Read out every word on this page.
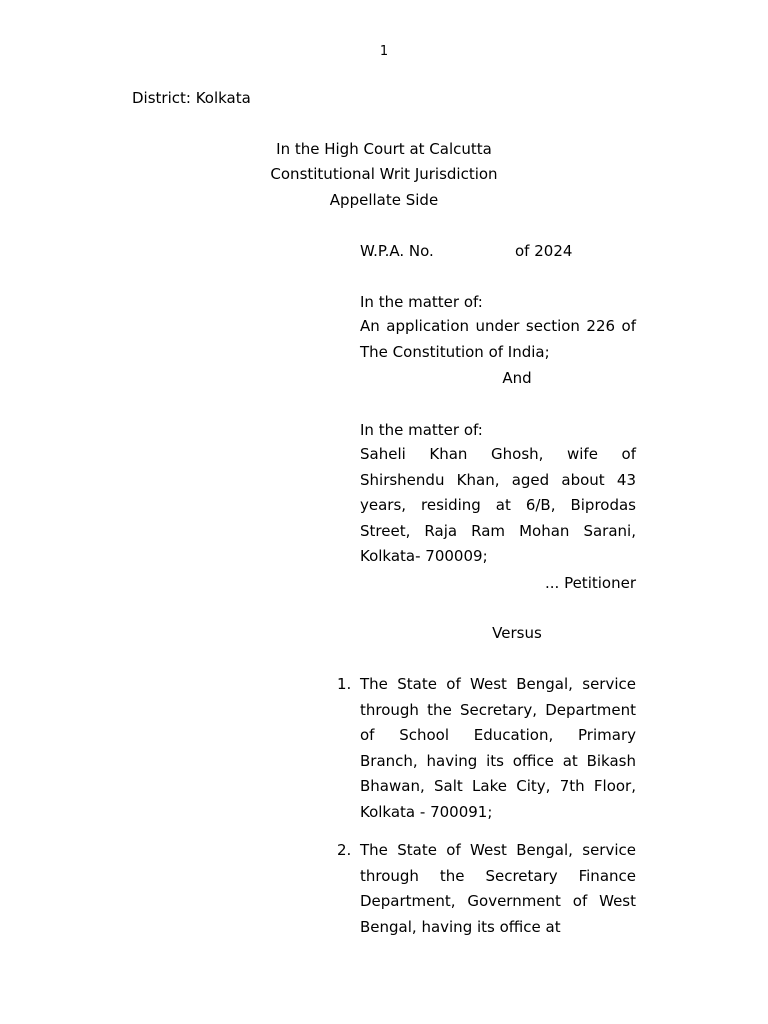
1
District: Kolkata
In the High Court at Calcutta
Constitutional Writ Jurisdiction
Appellate Side
W.P.A. No.	of 2024
In the matter of:
An application under section 226 of The Constitution of India;
And
In the matter of:
Saheli Khan Ghosh, wife of Shirshendu Khan, aged about 43 years, residing at 6/B, Biprodas Street, Raja Ram Mohan Sarani, Kolkata- 700009;
... Petitioner
Versus
1. The State of West Bengal, service through the Secretary, Department of School Education, Primary Branch, having its office at Bikash Bhawan, Salt Lake City, 7th Floor, Kolkata - 700091;
2. The State of West Bengal, service through the Secretary Finance Department, Government of West Bengal, having its office at
